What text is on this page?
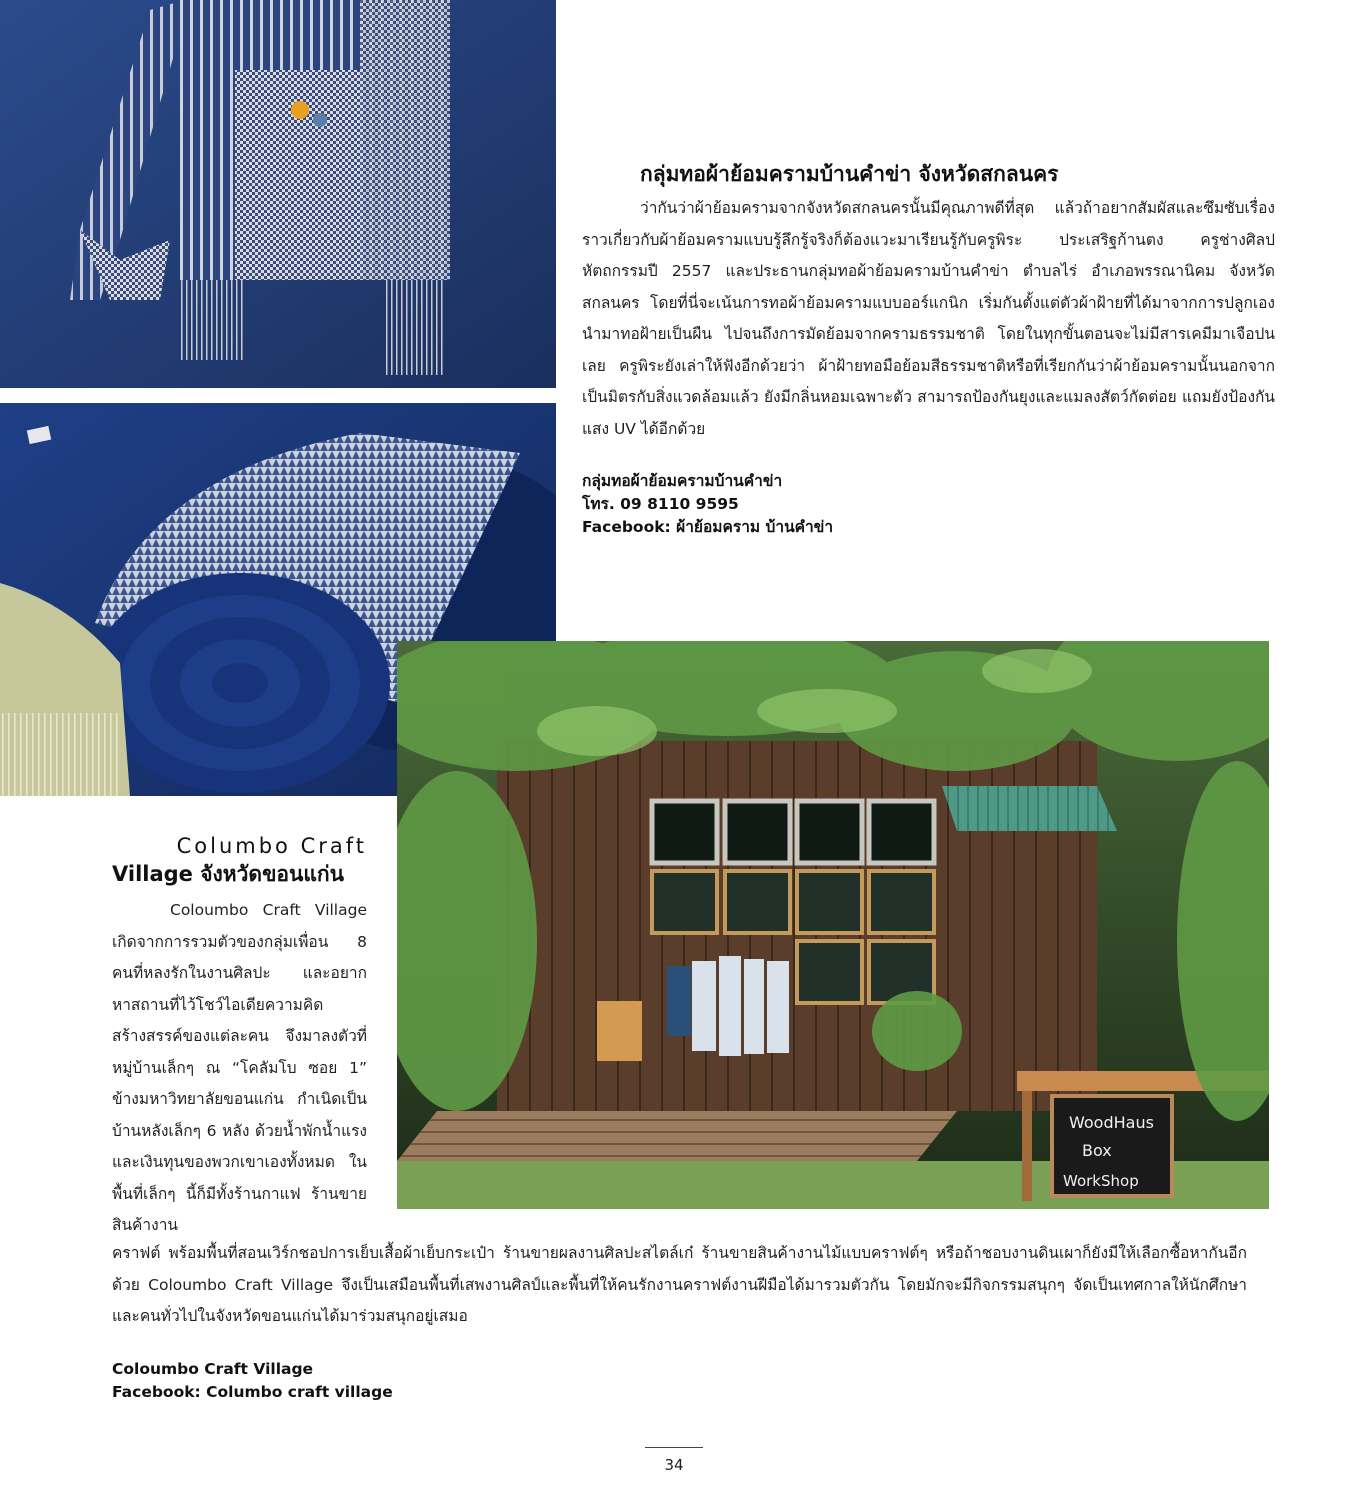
WoodHaus
Box
WorkShop
กลุ่มทอผ้าย้อมครามบ้านคำข่า จังหวัดสกลนคร
ว่ากันว่าผ้าย้อมครามจากจังหวัดสกลนครนั้นมีคุณภาพดีที่สุด แล้วถ้าอยากสัมผัสและซึมซับเรื่องราวเกี่ยวกับผ้าย้อมครามแบบรู้ลึกรู้จริงก็ต้องแวะมาเรียนรู้กับครูพิระ ประเสริฐก้านตง ครูช่างศิลปหัตถกรรมปี 2557 และประธานกลุ่มทอผ้าย้อมครามบ้านคำข่า ตำบลไร่ อำเภอพรรณานิคม จังหวัดสกลนคร โดยที่นี่จะเน้นการทอผ้าย้อมครามแบบออร์แกนิก เริ่มกันตั้งแต่ตัวผ้าฝ้ายที่ได้มาจากการปลูกเอง นำมาทอฝ้ายเป็นผืน ไปจนถึงการมัดย้อมจากครามธรรมชาติ โดยในทุกขั้นตอนจะไม่มีสารเคมีมาเจือปนเลย ครูพิระยังเล่าให้ฟังอีกด้วยว่า ผ้าฝ้ายทอมือย้อมสีธรรมชาติหรือที่เรียกกันว่าผ้าย้อมครามนั้นนอกจากเป็นมิตรกับสิ่งแวดล้อมแล้ว ยังมีกลิ่นหอมเฉพาะตัว สามารถป้องกันยุงและแมลงสัตว์กัดต่อย แถมยังป้องกันแสง UV ได้อีกด้วย
กลุ่มทอผ้าย้อมครามบ้านคำข่า
โทร. 09 8110 9595
Facebook: ผ้าย้อมคราม บ้านคำข่า
Columbo Craft
Village จังหวัดขอนแก่น
Coloumbo Craft Village เกิดจากการรวมตัวของกลุ่มเพื่อน 8 คนที่หลงรักในงานศิลปะ และอยากหาสถานที่ไว้โชว์ไอเดียความคิดสร้างสรรค์ของแต่ละคน จึงมาลงตัวที่หมู่บ้านเล็กๆ ณ “โคลัมโบ ซอย 1” ข้างมหาวิทยาลัยขอนแก่น กำเนิดเป็นบ้านหลังเล็กๆ 6 หลัง ด้วยน้ำพักน้ำแรงและเงินทุนของพวกเขาเองทั้งหมด ในพื้นที่เล็กๆ นี้ก็มีทั้งร้านกาแฟ ร้านขายสินค้างาน
คราฟต์ พร้อมพื้นที่สอนเวิร์กชอปการเย็บเสื้อผ้าเย็บกระเป๋า ร้านขายผลงานศิลปะสไตล์เก๋ ร้านขายสินค้างานไม้แบบคราฟต์ๆ หรือถ้าชอบงานดินเผาก็ยังมีให้เลือกซื้อหากันอีกด้วย Coloumbo Craft Village จึงเป็นเสมือนพื้นที่เสพงานศิลป์และพื้นที่ให้คนรักงานคราฟต์งานฝีมือได้มารวมตัวกัน โดยมักจะมีกิจกรรมสนุกๆ จัดเป็นเทศกาลให้นักศึกษาและคนทั่วไปในจังหวัดขอนแก่นได้มาร่วมสนุกอยู่เสมอ
Coloumbo Craft Village
Facebook: Columbo craft village
34
